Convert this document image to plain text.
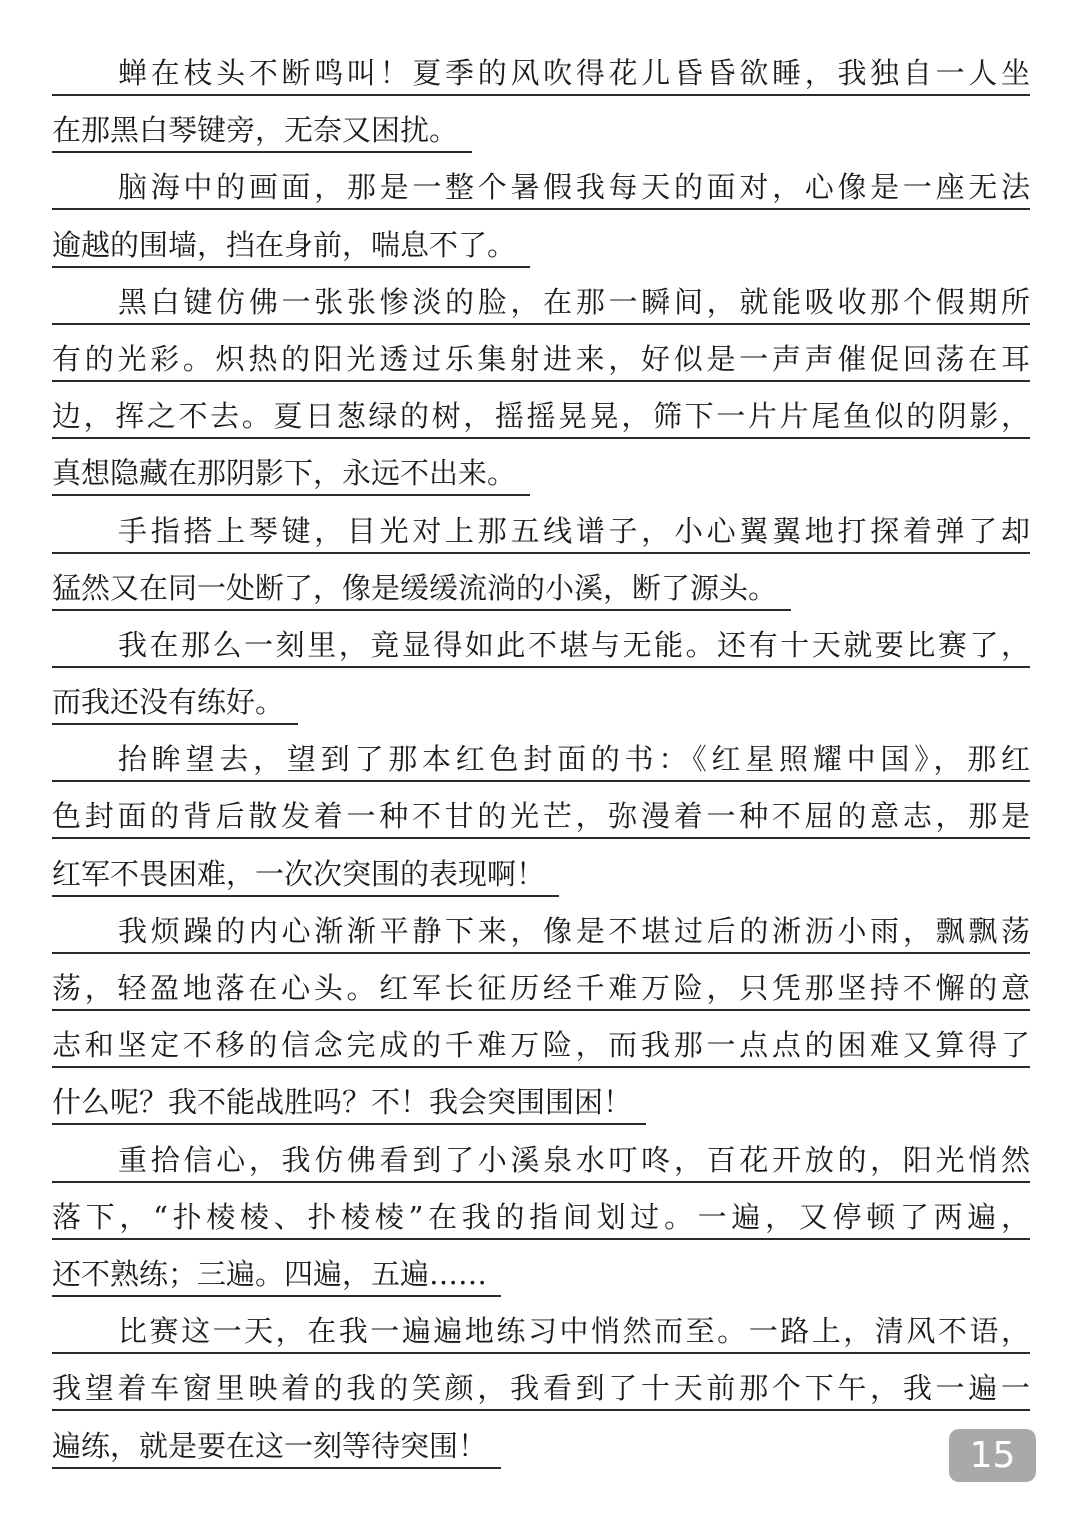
蝉在枝头不断鸣叫！夏季的风吹得花儿昏昏欲睡，我独自一人坐
在那黑白琴键旁，无奈又困扰。
脑海中的画面，那是一整个暑假我每天的面对，心像是一座无法
逾越的围墙，挡在身前，喘息不了。
黑白键仿佛一张张惨淡的脸，在那一瞬间，就能吸收那个假期所
有的光彩。炽热的阳光透过乐集射进来，好似是一声声催促回荡在耳
边，挥之不去。夏日葱绿的树，摇摇晃晃，筛下一片片尾鱼似的阴影，
真想隐藏在那阴影下，永远不出来。
手指搭上琴键，目光对上那五线谱子，小心翼翼地打探着弹了却
猛然又在同一处断了，像是缓缓流淌的小溪，断了源头。
我在那么一刻里，竟显得如此不堪与无能。还有十天就要比赛了，
而我还没有练好。
抬眸望去，望到了那本红色封面的书：《红星照耀中国》，那红
色封面的背后散发着一种不甘的光芒，弥漫着一种不屈的意志，那是
红军不畏困难，一次次突围的表现啊！
我烦躁的内心渐渐平静下来，像是不堪过后的淅沥小雨，飘飘荡
荡，轻盈地落在心头。红军长征历经千难万险，只凭那坚持不懈的意
志和坚定不移的信念完成的千难万险，而我那一点点的困难又算得了
什么呢？我不能战胜吗？不！我会突围围困！
重拾信心，我仿佛看到了小溪泉水叮咚，百花开放的，阳光悄然
落下，“扑棱棱、扑棱棱”在我的指间划过。一遍，又停顿了两遍，
还不熟练；三遍。四遍，五遍……
比赛这一天，在我一遍遍地练习中悄然而至。一路上，清风不语，
我望着车窗里映着的我的笑颜，我看到了十天前那个下午，我一遍一
遍练，就是要在这一刻等待突围！	15
